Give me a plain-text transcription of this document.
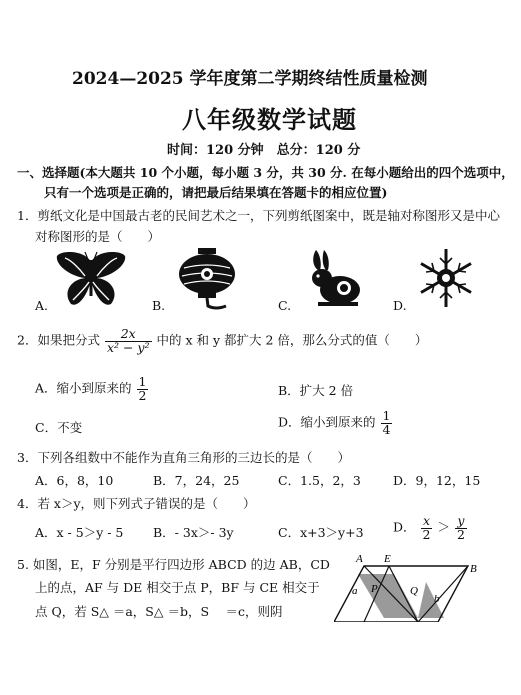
2024—2025 学年度第二学期终结性质量检测
八年级数学试题
时间：120 分钟　总分：120 分
一、选择题(本大题共 10 个小题，每小题 3 分，共 30 分. 在每小题给出的四个选项中，
只有一个选项是正确的，请把最后结果填在答题卡的相应位置)
1．剪纸文化是中国最古老的民间艺术之一，下列剪纸图案中，既是轴对称图形又是中心
对称图形的是（　　）
A.	B.	C.	D.
2．如果把分式 $\frac{2x}{\text{x² − y²}}$ 中的 x 和 y 都扩大 2 倍，那么分式的值（　　）
A．缩小到原来的 $\frac{1}{2}$	B．扩大 2 倍
C．不变	D．缩小到原来的 $\frac{1}{4}$
3．下列各组数中不能作为直角三角形的三边长的是（　　）
A．6，8，10	B．7，24，25	C．1.5，2，3	D．9，12，15
4．若 x＞y，则下列式子错误的是（　　）
A．x - 5＞y - 5 B．- 3x＞- 3y	C．x+3＞y+3 D． $\frac{x}{2} > \frac{y}{2}$
5. 如图，E，F 分别是平行四边形 ABCD 的边 AB，CD
上的点，AF 与 DE 相交于点 P，BF 与 CE 相交于
点 Q，若 S△ ＝a，S△ ＝b，S　 ＝c，则阴
A E
B
P	Q
a
b
